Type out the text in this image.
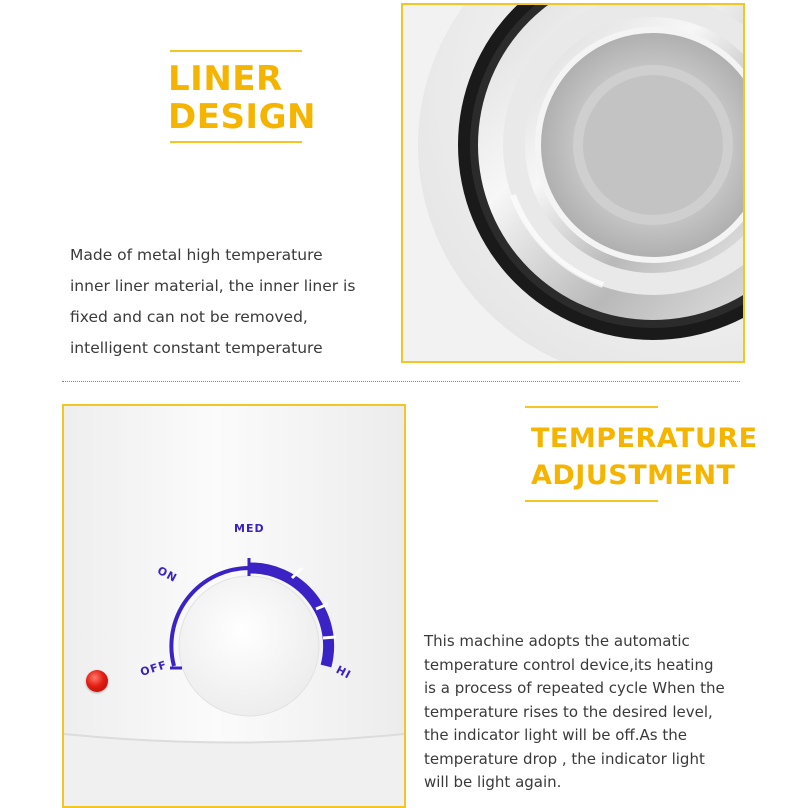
LINER
DESIGN
Made of metal high temperature
inner liner material, the inner liner is
fixed and can not be removed,
intelligent constant temperature
MED
ON
OFF	HI
TEMPERATURE
ADJUSTMENT
This machine adopts the automatic
temperature control device,its heating
is a process of repeated cycle When the
temperature rises to the desired level,
the indicator light will be off.As the
temperature drop , the indicator light
will be light again.
